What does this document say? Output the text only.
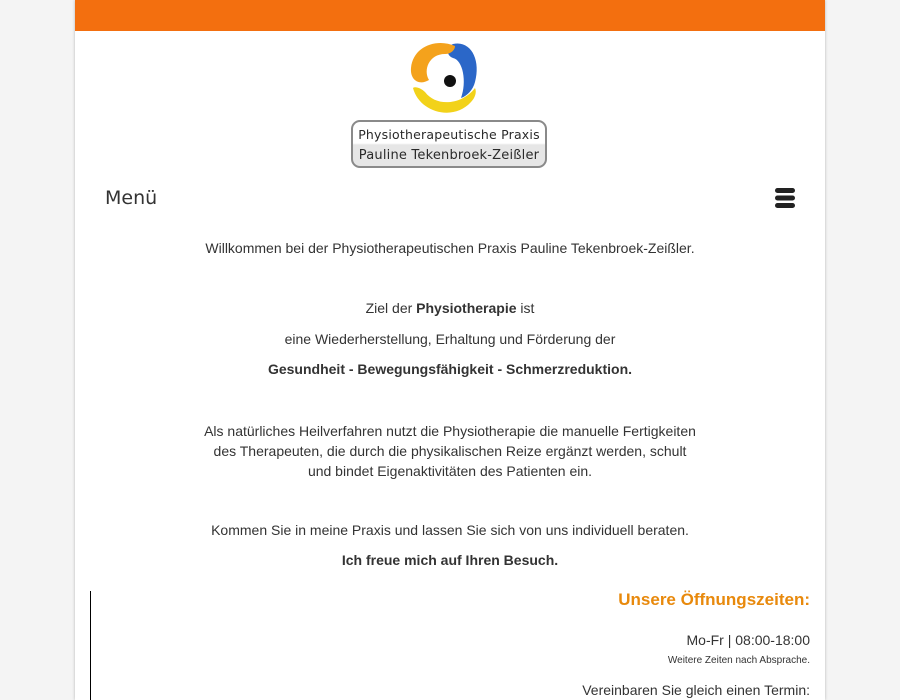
Physiotherapeutische Praxis
Pauline Tekenbroek-Zeißler
Menü

Willkommen bei der Physiotherapeutischen Praxis Pauline Tekenbroek-Zeißler.

Ziel der Physiotherapie ist

eine Wiederherstellung, Erhaltung und Förderung der

Gesundheit - Bewegungsfähigkeit - Schmerzreduktion.

Als natürliches Heilverfahren nutzt die Physiotherapie die manuelle Fertigkeiten

des Therapeuten, die durch die physikalischen Reize ergänzt werden, schult

und bindet Eigenaktivitäten des Patienten ein.

Kommen Sie in meine Praxis und lassen Sie sich von uns individuell beraten.

Ich freue mich auf Ihren Besuch.

Unsere Öffnungszeiten:
Mo-Fr | 08:00-18:00
Weitere Zeiten nach Absprache.
Vereinbaren Sie gleich einen Termin:
